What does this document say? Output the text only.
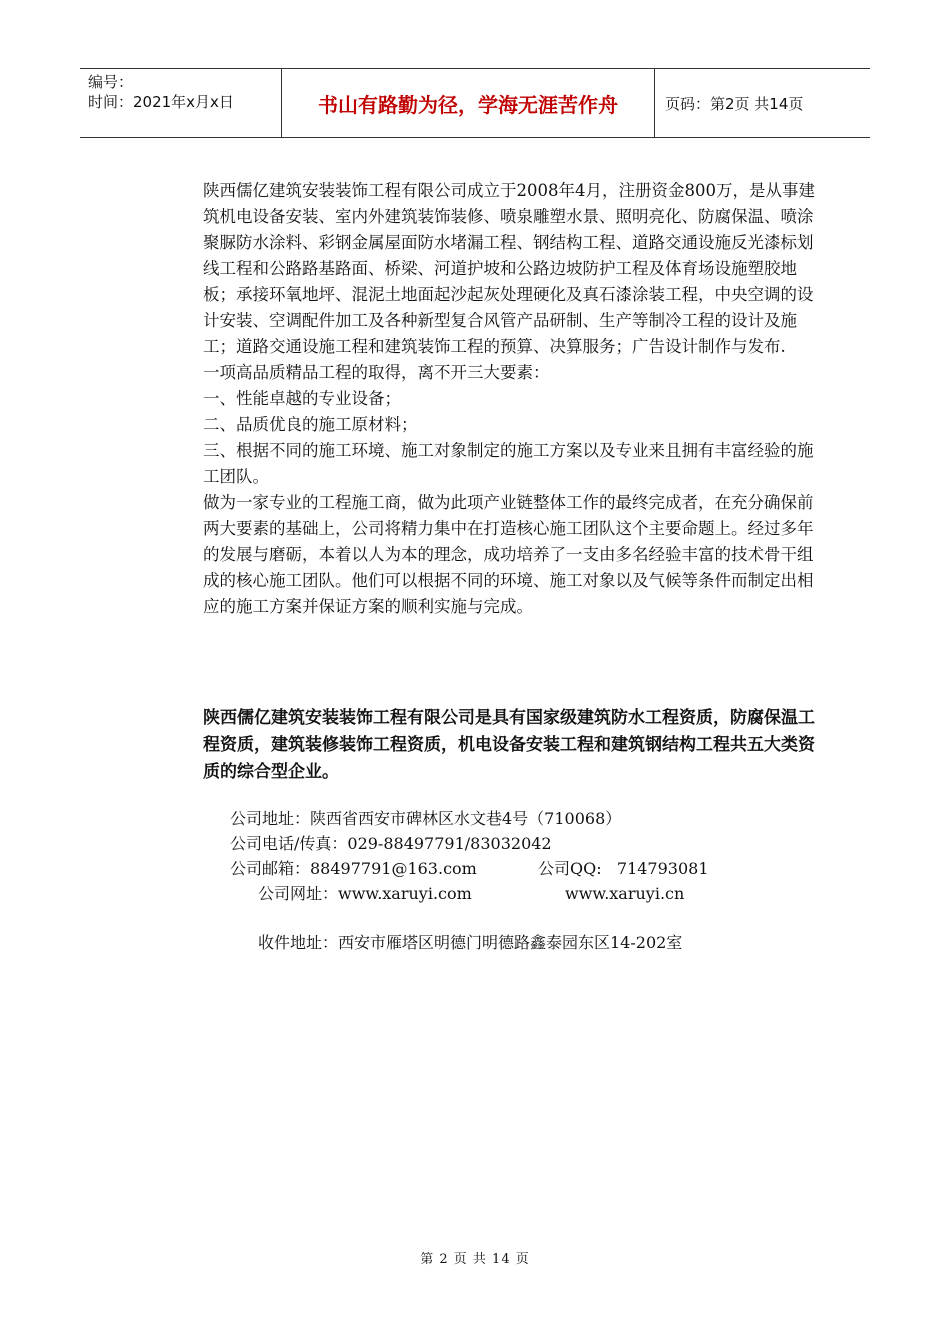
编号：
时间：2021年x月x日	书山有路勤为径，学海无涯苦作舟	页码：第2页 共14页

陕西儒亿建筑安装装饰工程有限公司成立于2008年4月，注册资金800万，是从事建筑机电设备安装、室内外建筑装饰装修、喷泉雕塑水景、照明亮化、防腐保温、喷涂聚脲防水涂料、彩钢金属屋面防水堵漏工程、钢结构工程、道路交通设施反光漆标划线工程和公路路基路面、桥梁、河道护坡和公路边坡防护工程及体育场设施塑胶地板；承接环氧地坪、混泥土地面起沙起灰处理硬化及真石漆涂装工程，中央空调的设计安装、空调配件加工及各种新型复合风管产品研制、生产等制冷工程的设计及施工；道路交通设施工程和建筑装饰工程的预算、决算服务；广告设计制作与发布.

一项高品质精品工程的取得，离不开三大要素：

一、性能卓越的专业设备；

二、品质优良的施工原材料；

三、根据不同的施工环境、施工对象制定的施工方案以及专业来且拥有丰富经验的施工团队。

做为一家专业的工程施工商，做为此项产业链整体工作的最终完成者，在充分确保前两大要素的基础上，公司将精力集中在打造核心施工团队这个主要命题上。经过多年的发展与磨砺，本着以人为本的理念，成功培养了一支由多名经验丰富的技术骨干组成的核心施工团队。他们可以根据不同的环境、施工对象以及气候等条件而制定出相应的施工方案并保证方案的顺利实施与完成。

陕西儒亿建筑安装装饰工程有限公司是具有国家级建筑防水工程资质，防腐保温工程资质，建筑装修装饰工程资质，机电设备安装工程和建筑钢结构工程共五大类资质的综合型企业。
公司地址：陕西省西安市碑林区水文巷4号（710068）
公司电话/传真：029-88497791/83032042
公司邮箱：88497791@163.com	公司QQ:   714793081
公司网址：www.xaruyi.com	www.xaruyi.cn
收件地址：西安市雁塔区明德门明德路鑫泰园东区14-202室
第 2 页 共 14 页
